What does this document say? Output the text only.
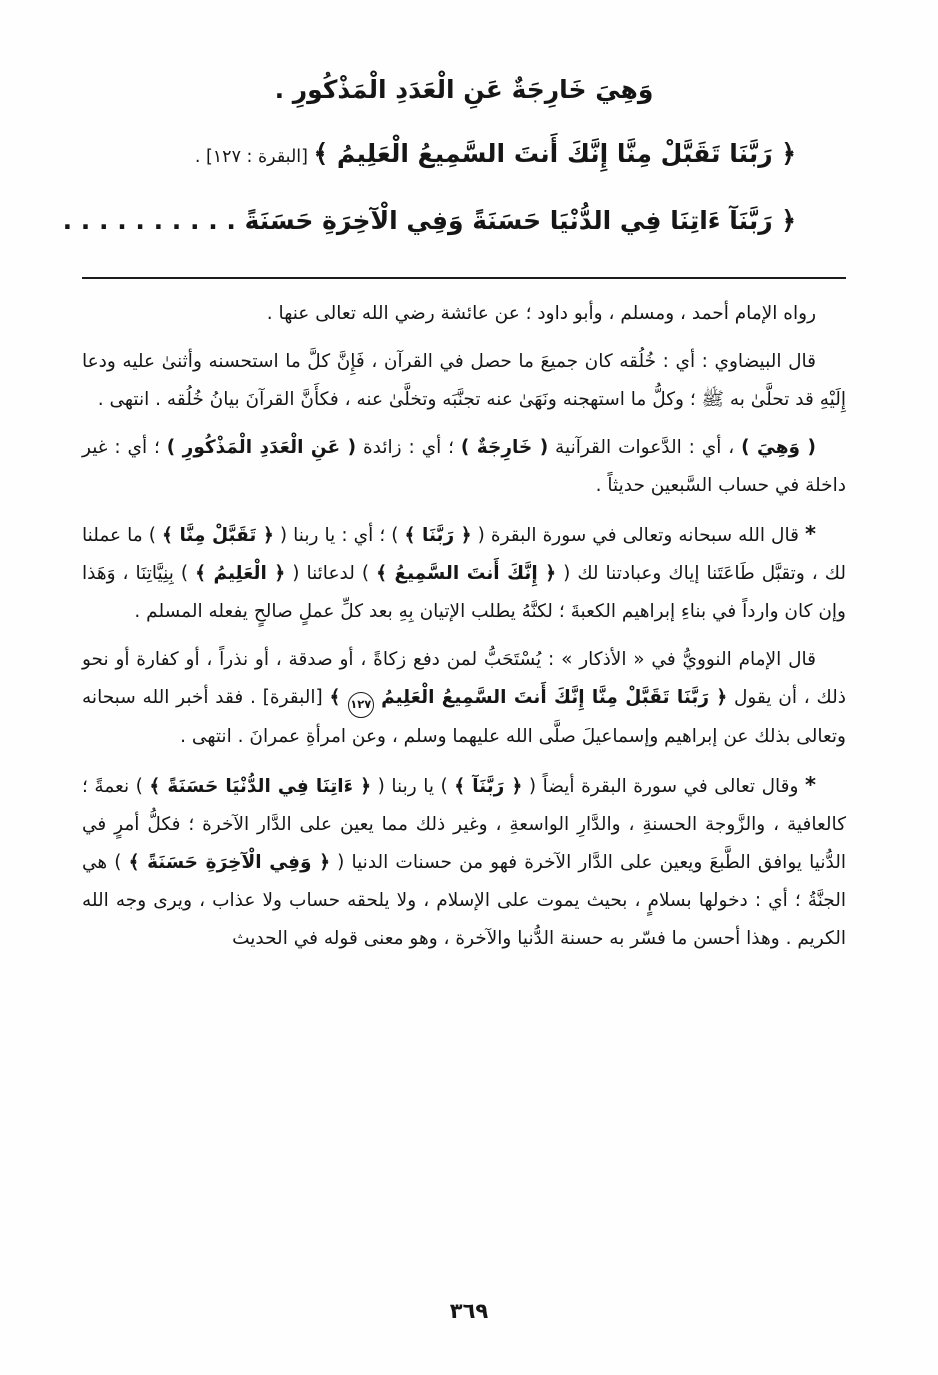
وَهِيَ خَارِجَةٌ عَنِ الْعَدَدِ الْمَذْكُورِ .

﴿ رَبَّنَا تَقَبَّلْ مِنَّا إِنَّكَ أَنتَ السَّمِيعُ الْعَلِيمُ ﴾ [البقرة : ١٢٧] .

﴿ رَبَّنَآ ءَاتِنَا فِي الدُّنْيَا حَسَنَةً وَفِي الْآخِرَةِ حَسَنَةً . . . . . . . . . .

رواه الإمام أحمد ، ومسلم ، وأبو داود ؛ عن عائشة رضي الله تعالى عنها .

قال البيضاوي : أي : خُلُقه كان جميعَ ما حصل في القرآن ، فَإِنَّ كلَّ ما استحسنه وأثنىٰ عليه ودعا إِلَيْهِ قد تحلَّىٰ به ﷺ ؛ وكلُّ ما استهجنه ونَهَىٰ عنه تجنَّبَه وتخلَّىٰ عنه ، فكأَنَّ القرآنَ بيانُ خُلُقه . انتهى .

( وَهِيَ ) ، أي : الدَّعوات القرآنية ( خَارِجَةٌ ) ؛ أي : زائدة ( عَنِ الْعَدَدِ الْمَذْكُورِ ) ؛ أي : غير داخلة في حساب السَّبعين حديثاً .

* قال الله سبحانه وتعالى في سورة البقرة ( ﴿ رَبَّنَا ﴾ ) ؛ أي : يا ربنا ( ﴿ تَقَبَّلْ مِنَّا ﴾ ) ما عملنا لك ، وتقبَّل طَاعَتَنا إياك وعبادتنا لك ( ﴿ إِنَّكَ أَنتَ السَّمِيعُ ﴾ ) لدعائنا ( ﴿ الْعَلِيمُ ﴾ ) بِنِيَّاتِنَا ، وَهَذا وإن كان وارداً في بناءِ إبراهيم الكعبةَ ؛ لكنَّهُ يطلب الإتيان بِهِ بعد كلِّ عملٍ صالحٍ يفعله المسلم .

قال الإمام النوويُّ في « الأذكار » : يُسْتَحَبُّ لمن دفع زكاةً ، أو صدقة ، أو نذراً ، أو كفارة أو نحو ذلك ، أن يقول ﴿ رَبَّنَا تَقَبَّلْ مِنَّا إِنَّكَ أَنتَ السَّمِيعُ الْعَلِيمُ ١٢٧ ﴾ [البقرة] . فقد أخبر الله سبحانه وتعالى بذلك عن إبراهيم وإسماعيلَ صلَّى الله عليهما وسلم ، وعن امرأةِ عمرانَ . انتهى .

* وقال تعالى في سورة البقرة أيضاً ( ﴿ رَبَّنَآ ﴾ ) يا ربنا ( ﴿ ءَاتِنَا فِي الدُّنْيَا حَسَنَةً ﴾ ) نعمةً ؛ كالعافية ، والزَّوجة الحسنةِ ، والدَّارِ الواسعةِ ، وغير ذلك مما يعين على الدَّار الآخرة ؛ فكلُّ أمرٍ في الدُّنيا يوافق الطَّبعَ ويعين على الدَّار الآخرة فهو من حسنات الدنيا ( ﴿ وَفِي الْآخِرَةِ حَسَنَةً ﴾ ) هي الجنَّةُ ؛ أي : دخولها بسلامٍ ، بحيث يموت على الإسلام ، ولا يلحقه حساب ولا عذاب ، ويرى وجه الله الكريم . وهذا أحسن ما فسّر به حسنة الدُّنيا والآخرة ، وهو معنى قوله في الحديث

٣٦٩
